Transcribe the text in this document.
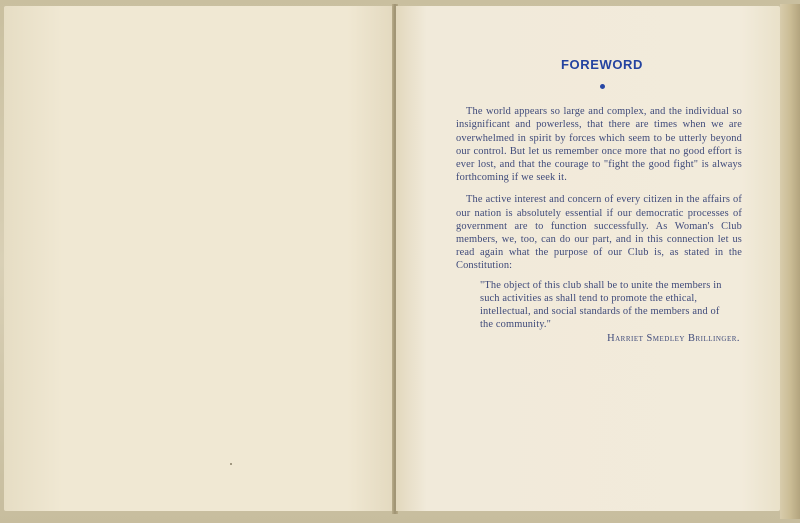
FOREWORD

The world appears so large and complex, and the individual so insignificant and powerless, that there are times when we are overwhelmed in spirit by forces which seem to be utterly beyond our control. But let us remember once more that no good effort is ever lost, and that the courage to "fight the good fight" is always forthcoming if we seek it.

The active interest and concern of every citizen in the affairs of our nation is absolutely essential if our democratic processes of government are to function successfully. As Woman's Club members, we, too, can do our part, and in this connection let us read again what the purpose of our Club is, as stated in the Constitution:

"The object of this club shall be to unite the members in such activities as shall tend to promote the ethical, intellectual, and social standards of the members and of the community."

Harriet Smedley Brillinger.
